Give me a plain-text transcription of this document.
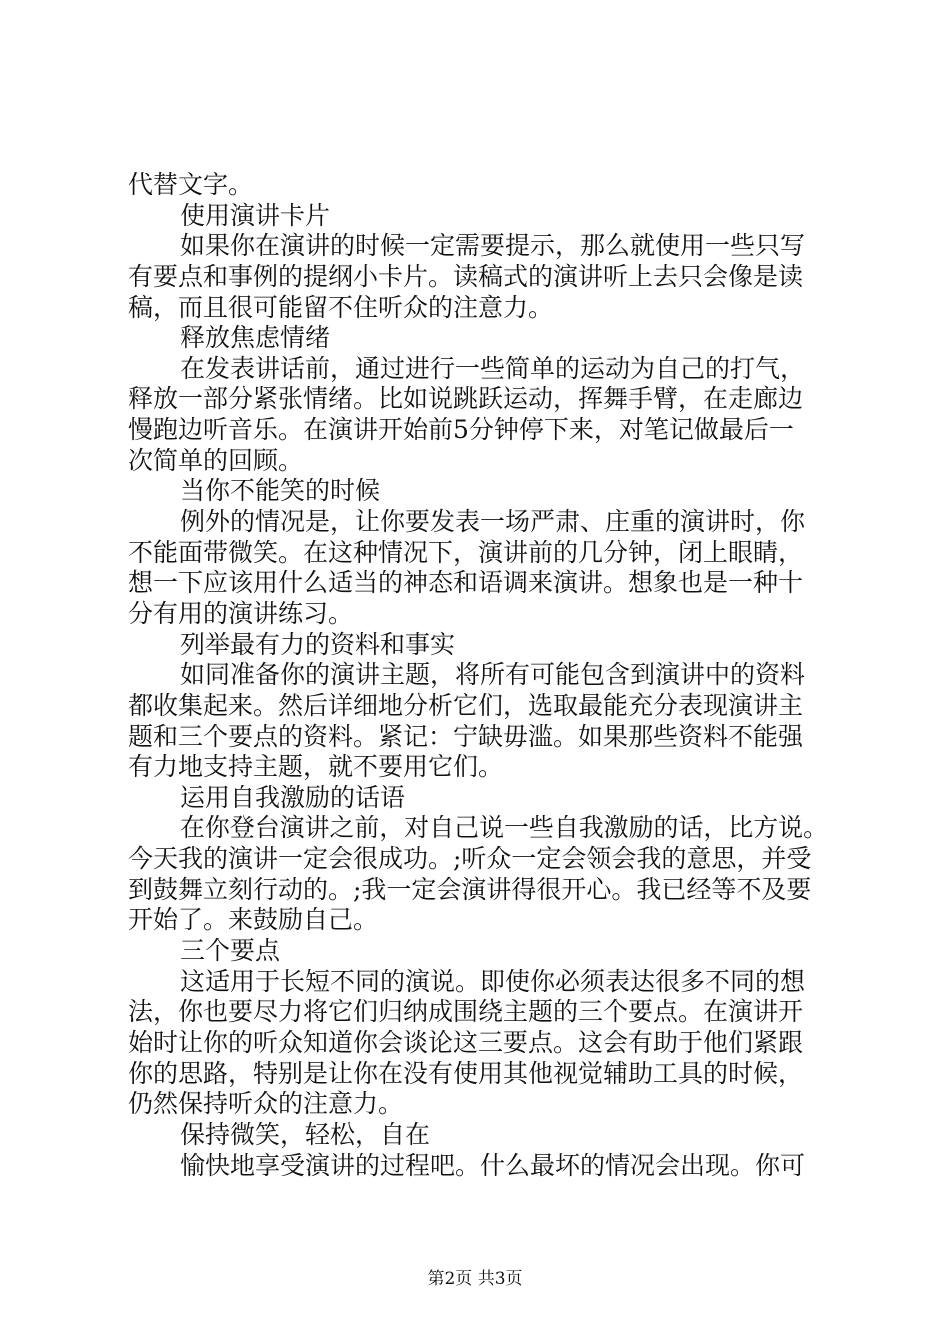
代替文字。
使用演讲卡片
如果你在演讲的时候一定需要提示，那么就使用一些只写
有要点和事例的提纲小卡片。读稿式的演讲听上去只会像是读
稿，而且很可能留不住听众的注意力。
释放焦虑情绪
在发表讲话前，通过进行一些简单的运动为自己的打气，
释放一部分紧张情绪。比如说跳跃运动，挥舞手臂，在走廊边
慢跑边听音乐。在演讲开始前5分钟停下来，对笔记做最后一
次简单的回顾。
当你不能笑的时候
例外的情况是，让你要发表一场严肃、庄重的演讲时，你
不能面带微笑。在这种情况下，演讲前的几分钟，闭上眼睛，
想一下应该用什么适当的神态和语调来演讲。想象也是一种十
分有用的演讲练习。
列举最有力的资料和事实
如同准备你的演讲主题，将所有可能包含到演讲中的资料
都收集起来。然后详细地分析它们，选取最能充分表现演讲主
题和三个要点的资料。紧记：宁缺毋滥。如果那些资料不能强
有力地支持主题，就不要用它们。
运用自我激励的话语
在你登台演讲之前，对自己说一些自我激励的话，比方说。
今天我的演讲一定会很成功。;听众一定会领会我的意思，并受
到鼓舞立刻行动的。;我一定会演讲得很开心。我已经等不及要
开始了。来鼓励自己。
三个要点
这适用于长短不同的演说。即使你必须表达很多不同的想
法，你也要尽力将它们归纳成围绕主题的三个要点。在演讲开
始时让你的听众知道你会谈论这三要点。这会有助于他们紧跟
你的思路，特别是让你在没有使用其他视觉辅助工具的时候，
仍然保持听众的注意力。
保持微笑，轻松，自在
愉快地享受演讲的过程吧。什么最坏的情况会出现。你可
第2页 共3页
